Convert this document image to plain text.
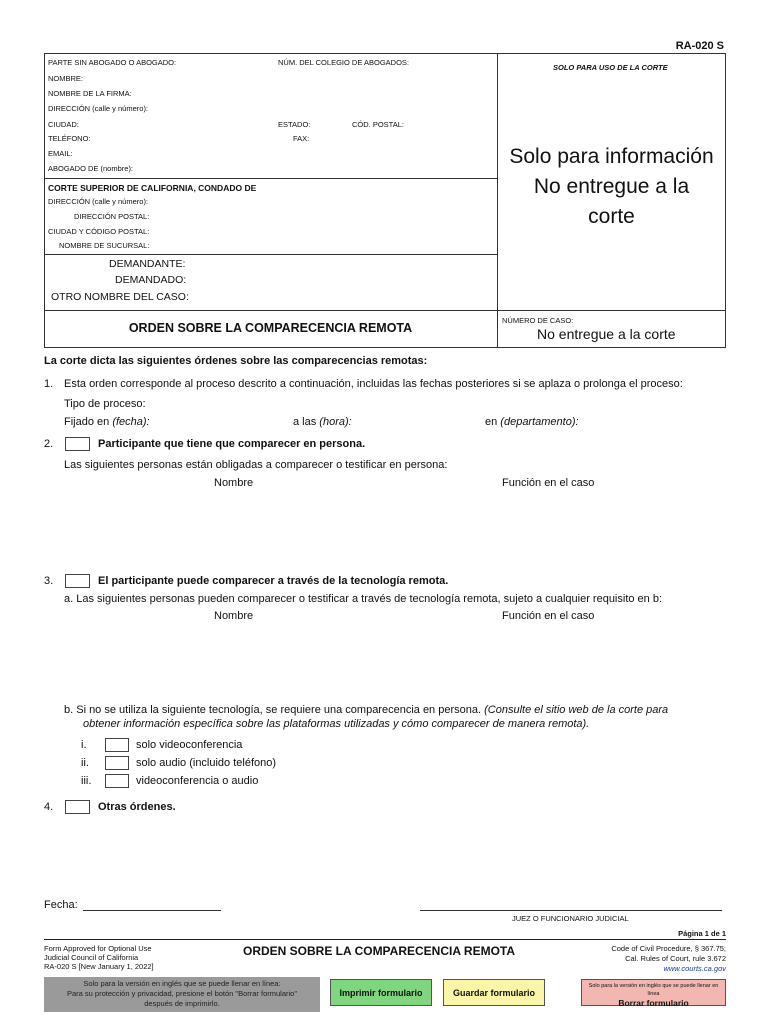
RA-020 S
PARTE SIN ABOGADO O ABOGADO:	NÚM. DEL COLEGIO DE ABOGADOS:
SOLO PARA USO DE LA CORTE
NOMBRE:
NOMBRE DE LA FIRMA:
DIRECCIÓN (calle y número):
CIUDAD:	ESTADO:	CÓD. POSTAL:
TELÉFONO:	FAX:
EMAIL:
ABOGADO DE (nombre):
CORTE SUPERIOR DE CALIFORNIA, CONDADO DE
DIRECCIÓN (calle y número):
DIRECCIÓN POSTAL:
CIUDAD Y CÓDIGO POSTAL:
NOMBRE DE SUCURSAL:
DEMANDANTE:
DEMANDADO:
OTRO NOMBRE DEL CASO:
Solo para información
No entregue a la
corte
ORDEN SOBRE LA COMPARECENCIA REMOTA
NÚMERO DE CASO:
No entregue a la corte
La corte dicta las siguientes órdenes sobre las comparecencias remotas:
1. Esta orden corresponde al proceso descrito a continuación, incluidas las fechas posteriores si se aplaza o prolonga el proceso:
Tipo de proceso:
Fijado en (fecha):	a las (hora):	en (departamento):
2.	Participante que tiene que comparecer en persona.
Las siguientes personas están obligadas a comparecer o testificar en persona:
Nombre	Función en el caso
3.	El participante puede comparecer a través de la tecnología remota.
a. Las siguientes personas pueden comparecer o testificar a través de tecnología remota, sujeto a cualquier requisito en b:
Nombre	Función en el caso
b. Si no se utiliza la siguiente tecnología, se requiere una comparecencia en persona. (Consulte el sitio web de la corte para
obtener información específica sobre las plataformas utilizadas y cómo comparecer de manera remota).
i.	solo videoconferencia
ii.	solo audio (incluido teléfono)
iii.	videoconferencia o audio
4.	Otras órdenes.
Fecha:
JUEZ O FUNCIONARIO JUDICIAL
Página 1 de 1
Form Approved for Optional Use
Judicial Council of California
RA-020 S [New January 1, 2022]
ORDEN SOBRE LA COMPARECENCIA REMOTA	Code of Civil Procedure, § 367.75;
Cal. Rules of Court, rule 3.672
www.courts.ca.gov
Solo para la versión en inglés que se puede llenar en línea:
Para su protección y privacidad, presione el botón "Borrar formulario"
después de imprimirlo.
Imprimir formulario	Guardar formulario
Solo para la versión en inglés que se puede llenar en línea
Borrar formulario
